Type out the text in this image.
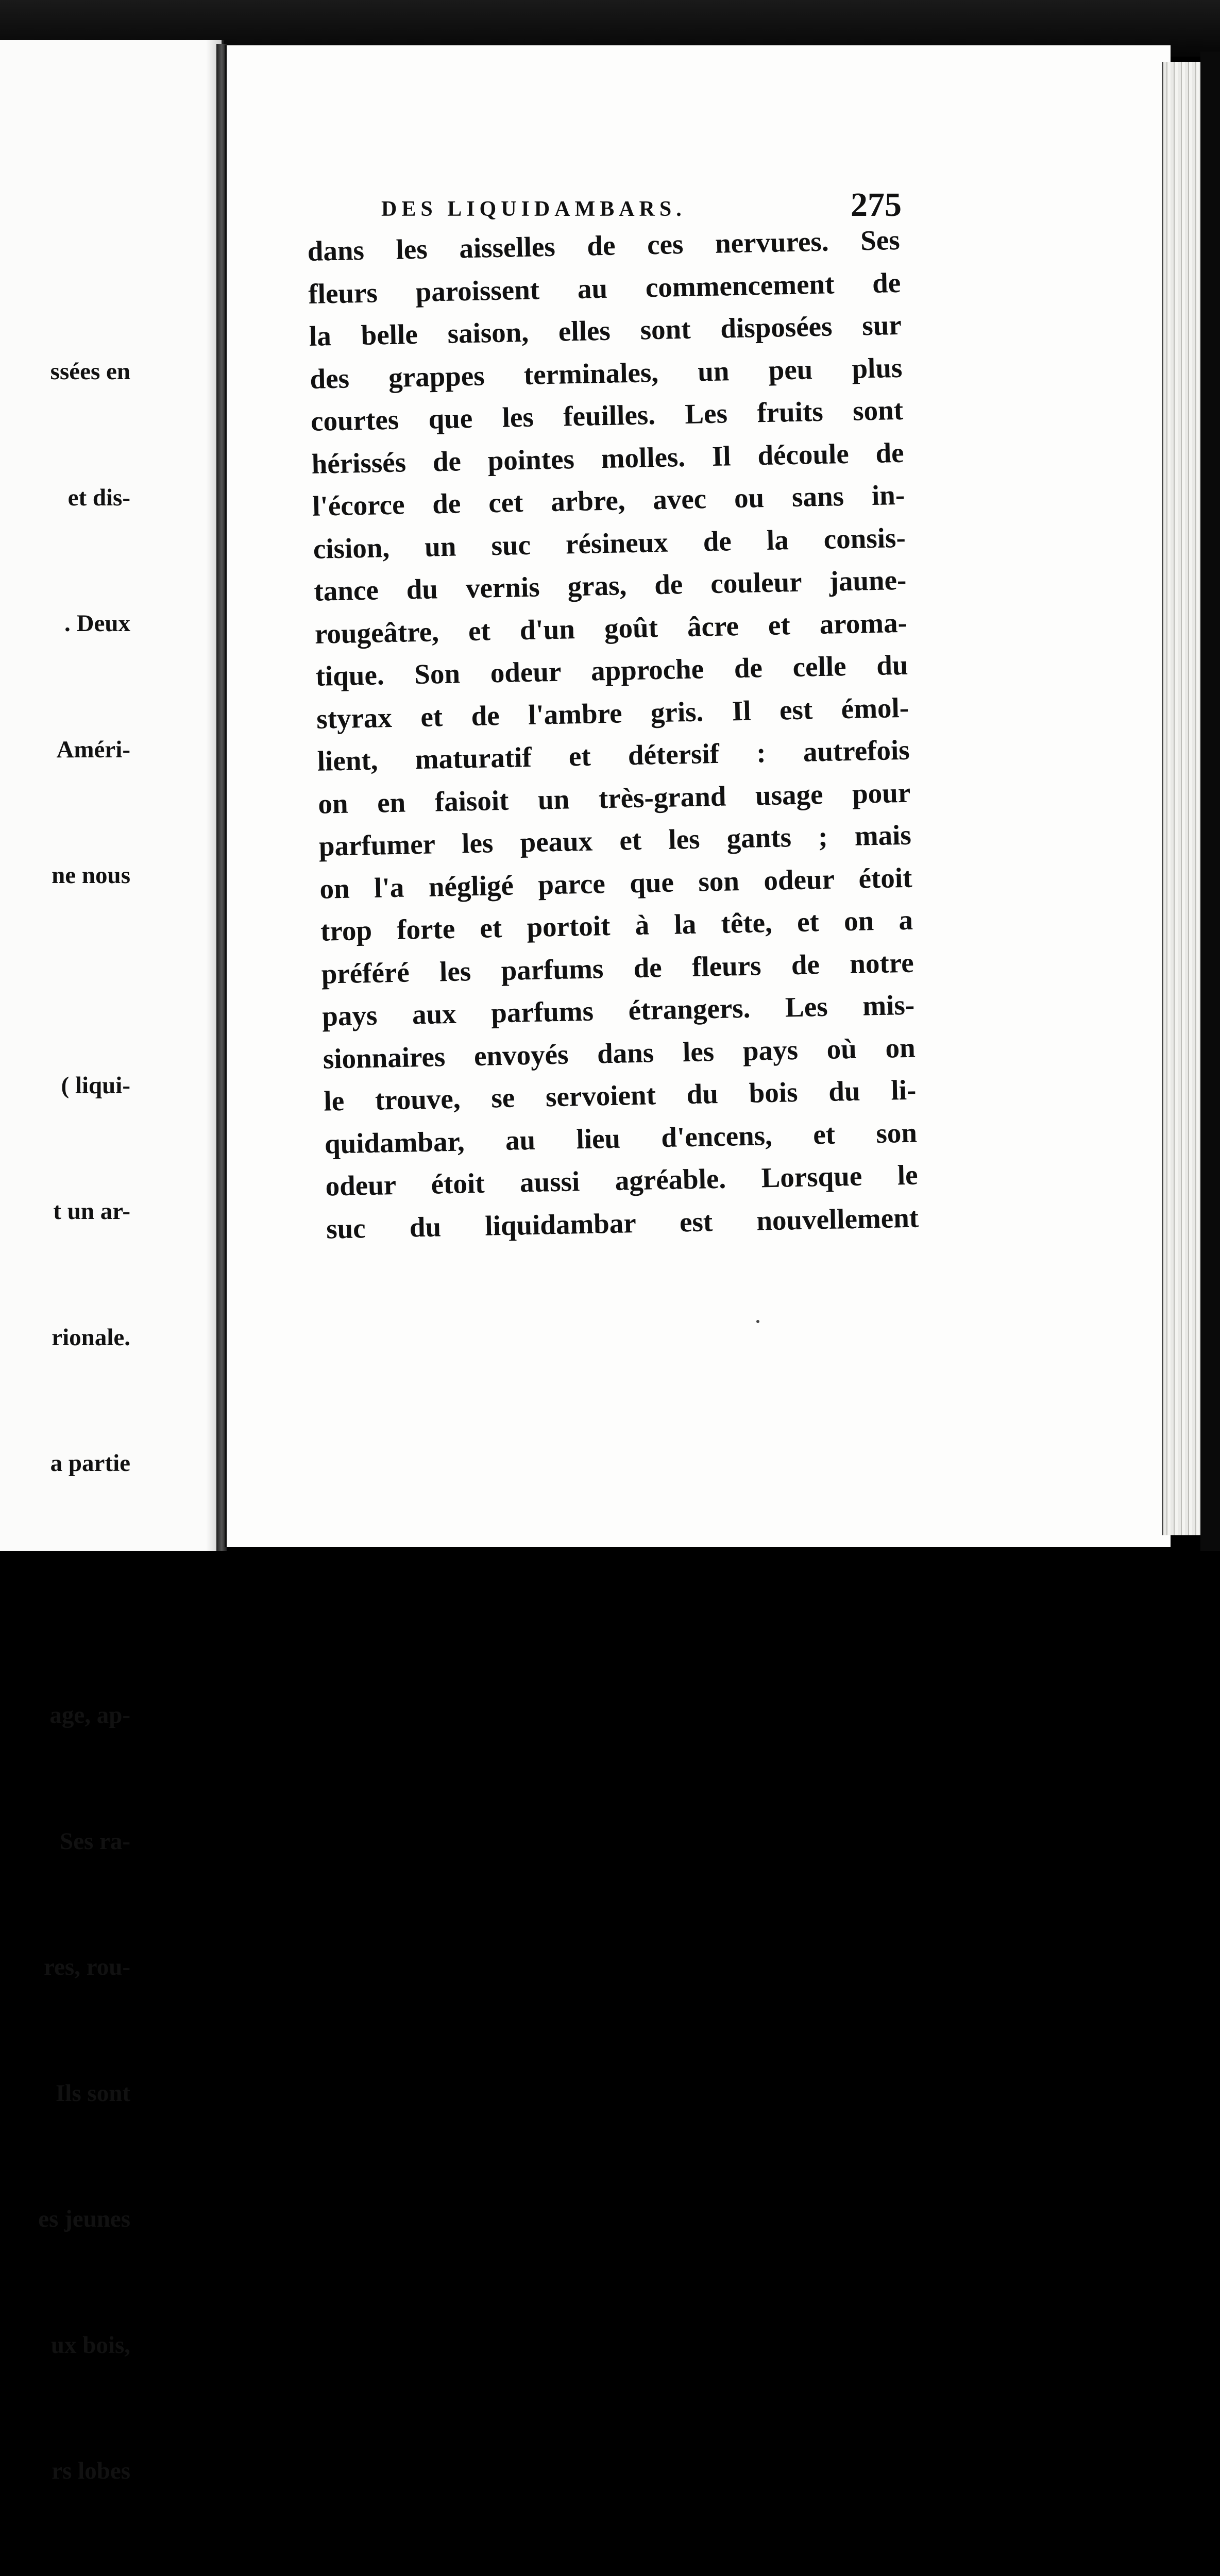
ssées en

et dis-

. Deux

Améri-

ne nous

( liqui-

t un ar-

rionale.

a partie

age, ap-

Ses ra-

res, rou-

Ils sont

es jeunes

ux bois,

rs lobes

DES LIQUIDAMBARS.	275
dans les aisselles de ces nervures. Ses
fleurs paroissent au commencement de
la belle saison, elles sont disposées sur
des grappes terminales, un peu plus
courtes que les feuilles. Les fruits sont
hérissés de pointes molles. Il découle de
l'écorce de cet arbre, avec ou sans in-
cision, un suc résineux de la consis-
tance du vernis gras, de couleur jaune-
rougeâtre, et d'un goût âcre et aroma-
tique. Son odeur approche de celle du
styrax et de l'ambre gris. Il est émol-
lient, maturatif et détersif : autrefois
on en faisoit un très-grand usage pour
parfumer les peaux et les gants ; mais
on l'a négligé parce que son odeur étoit
trop forte et portoit à la tête, et on a
préféré les parfums de fleurs de notre
pays aux parfums étrangers. Les mis-
sionnaires envoyés dans les pays où on
le trouve, se servoient du bois du li-
quidambar, au lieu d'encens, et son
odeur étoit aussi agréable. Lorsque le
suc du liquidambar est nouvellement
